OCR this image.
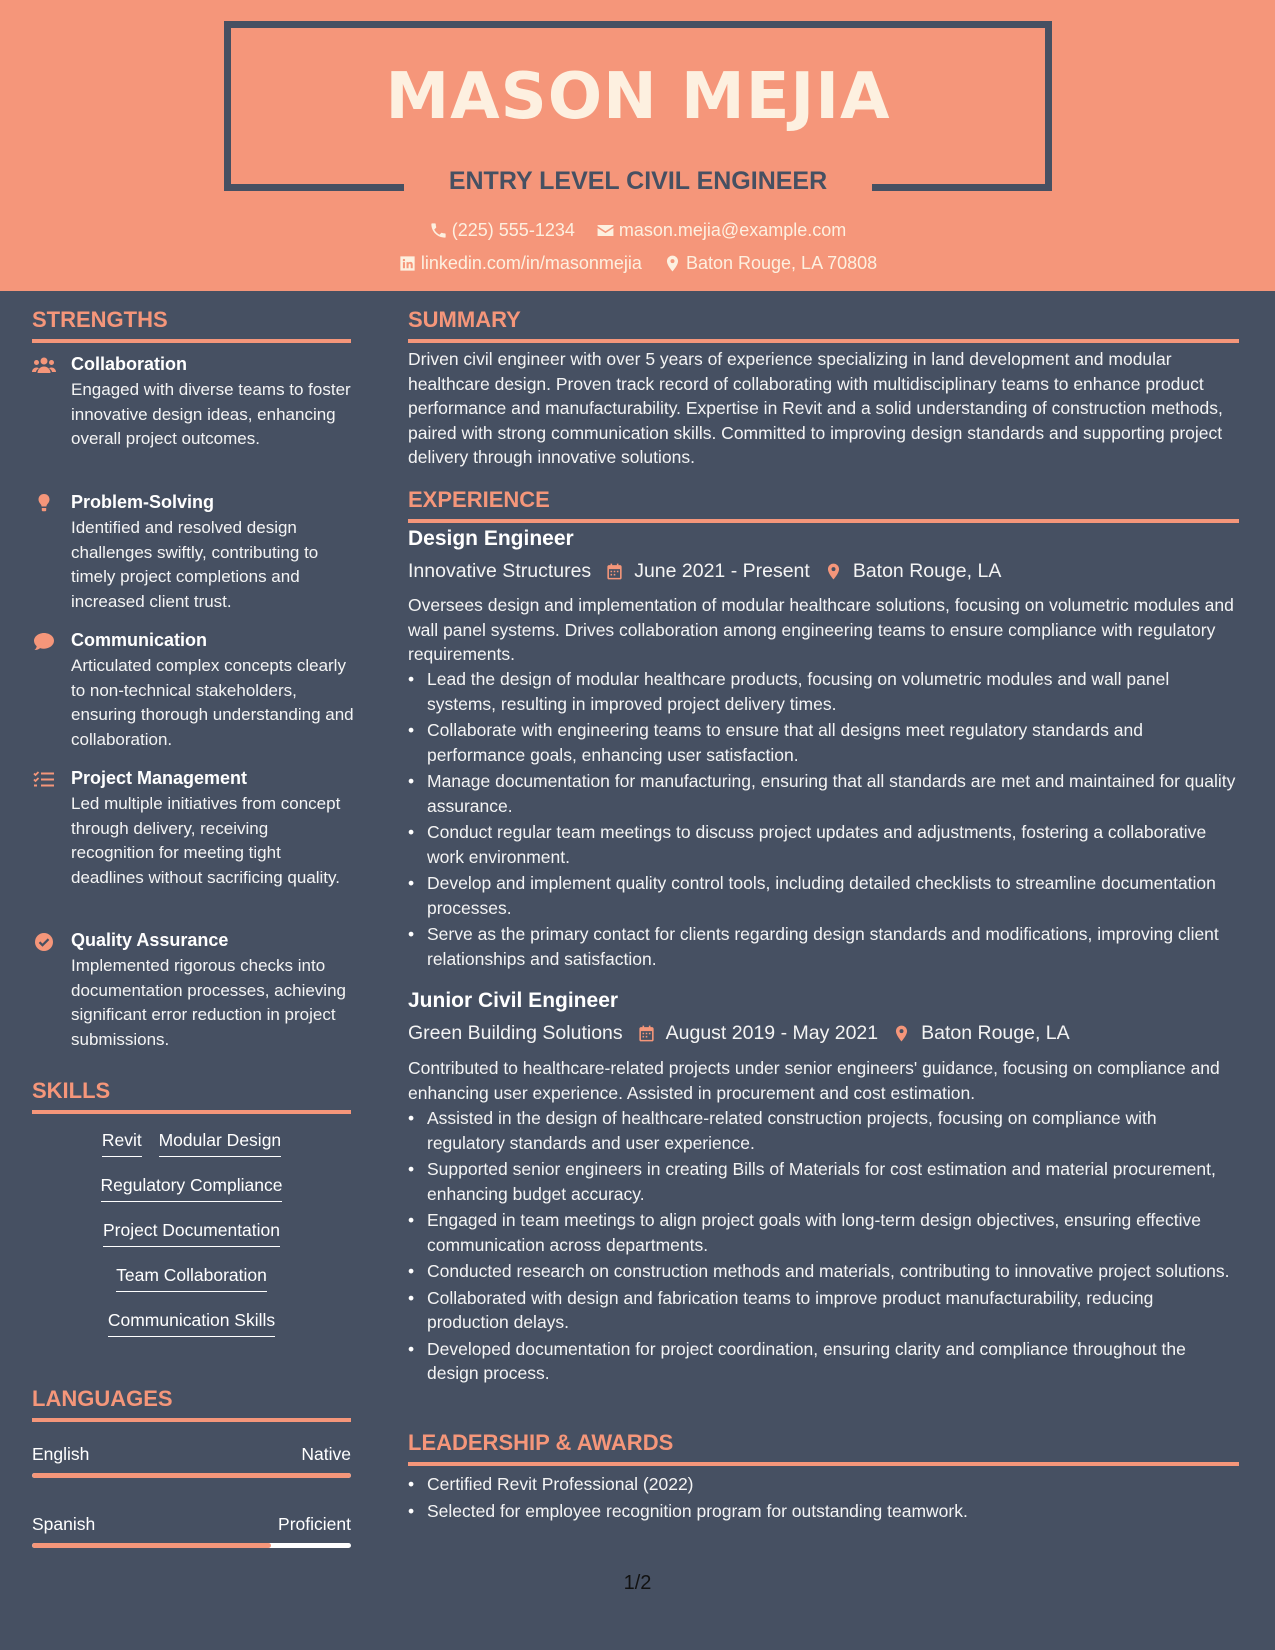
MASON MEJIA
ENTRY LEVEL CIVIL ENGINEER
(225) 555-1234
mason.mejia@example.com
linkedin.com/in/masonmejia
Baton Rouge, LA 70808
STRENGTHS
Collaboration
Engaged with diverse teams to foster innovative design ideas, enhancing overall project outcomes.
Problem-Solving
Identified and resolved design challenges swiftly, contributing to timely project completions and increased client trust.
Communication
Articulated complex concepts clearly to non-technical stakeholders, ensuring thorough understanding and collaboration.
Project Management
Led multiple initiatives from concept through delivery, receiving recognition for meeting tight deadlines without sacrificing quality.
Quality Assurance
Implemented rigorous checks into documentation processes, achieving significant error reduction in project submissions.
SKILLS
Revit Modular Design
Regulatory Compliance
Project Documentation
Team Collaboration
Communication Skills
LANGUAGES
English	Native
Spanish	Proficient
SUMMARY
Driven civil engineer with over 5 years of experience specializing in land development and modular healthcare design. Proven track record of collaborating with multidisciplinary teams to enhance product performance and manufacturability. Expertise in Revit and a solid understanding of construction methods, paired with strong communication skills. Committed to improving design standards and supporting project delivery through innovative solutions.
EXPERIENCE
Design Engineer
Innovative Structures June 2021 - Present Baton Rouge, LA
Oversees design and implementation of modular healthcare solutions, focusing on volumetric modules and wall panel systems. Drives collaboration among engineering teams to ensure compliance with regulatory requirements.
• Lead the design of modular healthcare products, focusing on volumetric modules and wall panel systems, resulting in improved project delivery times.
• Collaborate with engineering teams to ensure that all designs meet regulatory standards and performance goals, enhancing user satisfaction.
• Manage documentation for manufacturing, ensuring that all standards are met and maintained for quality assurance.
• Conduct regular team meetings to discuss project updates and adjustments, fostering a collaborative work environment.
• Develop and implement quality control tools, including detailed checklists to streamline documentation processes.
• Serve as the primary contact for clients regarding design standards and modifications, improving client relationships and satisfaction.
Junior Civil Engineer
Green Building Solutions August 2019 - May 2021 Baton Rouge, LA
Contributed to healthcare-related projects under senior engineers' guidance, focusing on compliance and enhancing user experience. Assisted in procurement and cost estimation.
• Assisted in the design of healthcare-related construction projects, focusing on compliance with regulatory standards and user experience.
• Supported senior engineers in creating Bills of Materials for cost estimation and material procurement, enhancing budget accuracy.
• Engaged in team meetings to align project goals with long-term design objectives, ensuring effective communication across departments.
• Conducted research on construction methods and materials, contributing to innovative project solutions.
• Collaborated with design and fabrication teams to improve product manufacturability, reducing production delays.
• Developed documentation for project coordination, ensuring clarity and compliance throughout the design process.
LEADERSHIP & AWARDS
• Certified Revit Professional (2022)
• Selected for employee recognition program for outstanding teamwork.
1/2
